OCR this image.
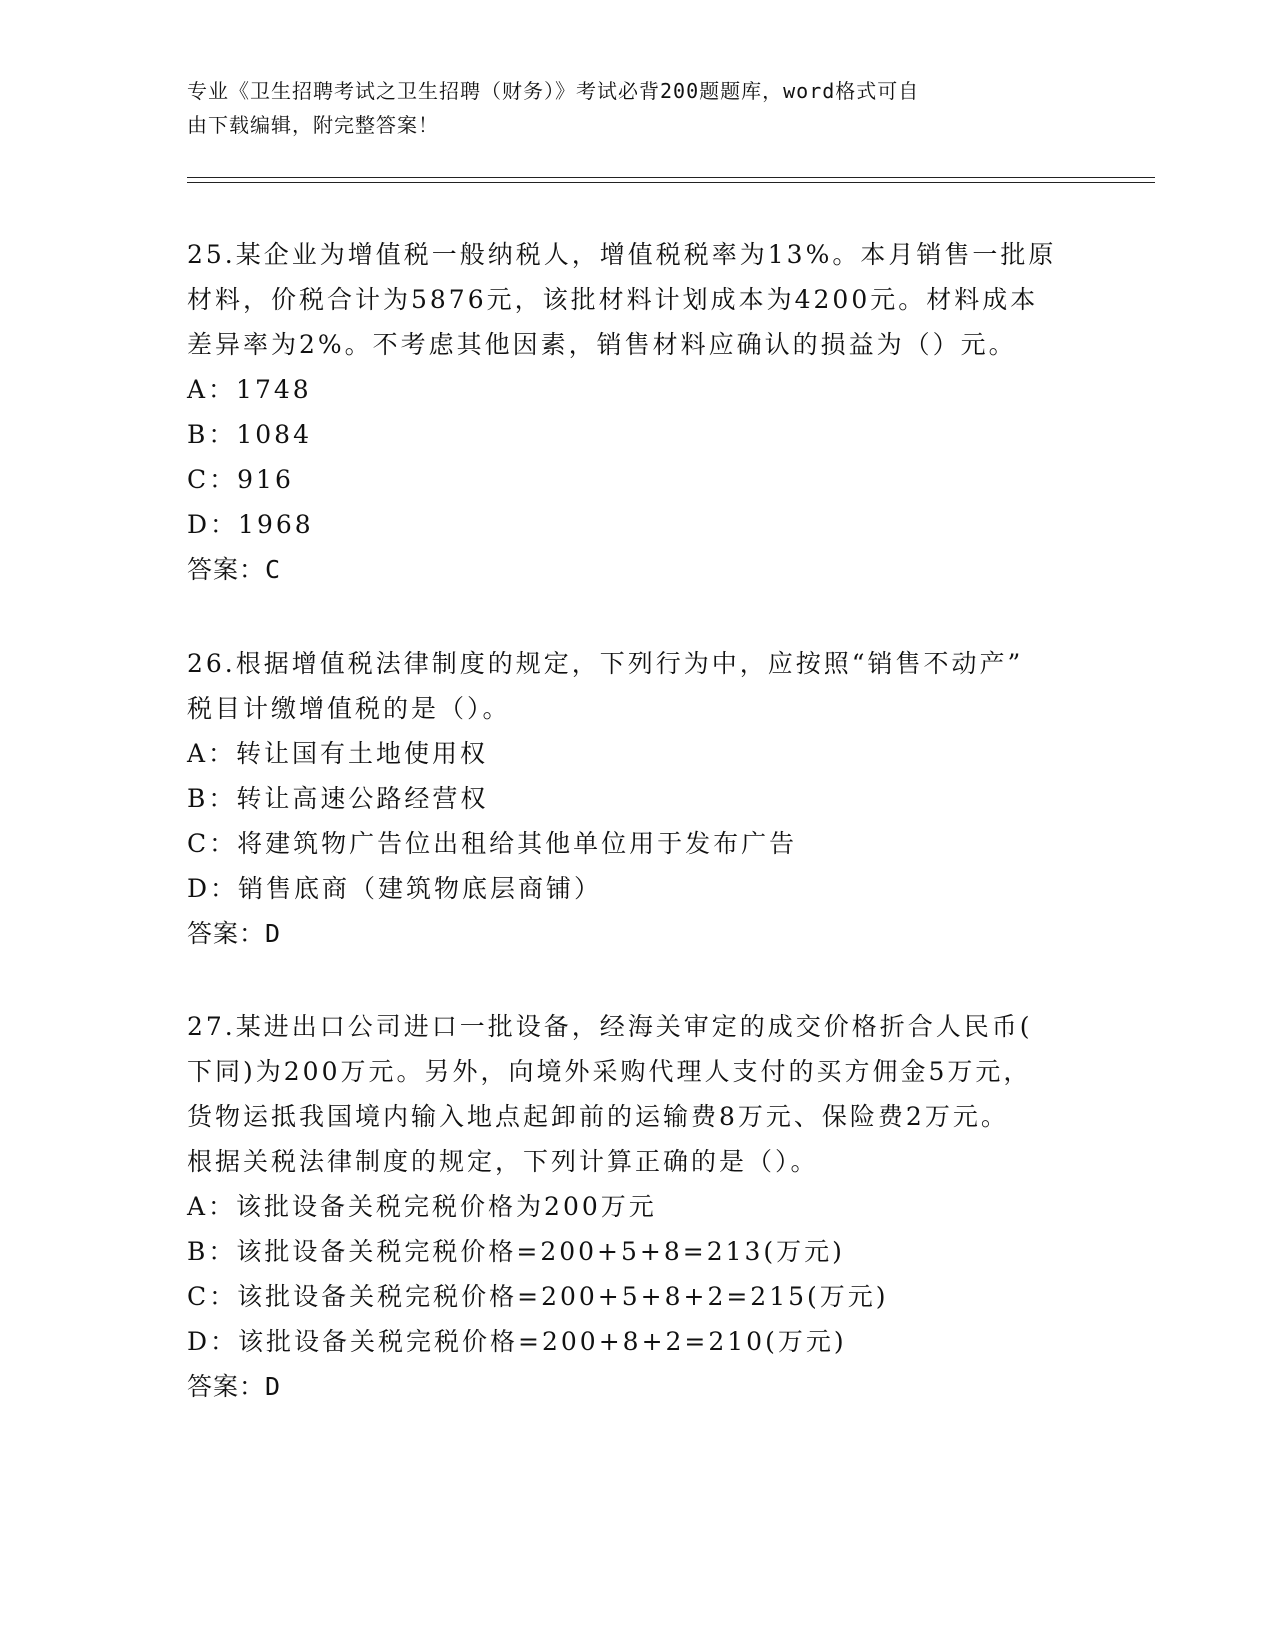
专业《卫生招聘考试之卫生招聘（财务）》考试必背200题题库，word格式可自
由下载编辑，附完整答案！
25.某企业为增值税一般纳税人，增值税税率为13%。本月销售一批原
材料，价税合计为5876元，该批材料计划成本为4200元。材料成本
差异率为2%。不考虑其他因素，销售材料应确认的损益为（）元。
A：1748
B：1084
C：916
D：1968
答案：C
26.根据增值税法律制度的规定，下列行为中，应按照“销售不动产”
税目计缴增值税的是（）。
A：转让国有土地使用权
B：转让高速公路经营权
C：将建筑物广告位出租给其他单位用于发布广告
D：销售底商（建筑物底层商铺）
答案：D
27.某进出口公司进口一批设备，经海关审定的成交价格折合人民币(
下同)为200万元。另外，向境外采购代理人支付的买方佣金5万元，
货物运抵我国境内输入地点起卸前的运输费8万元、保险费2万元。
根据关税法律制度的规定，下列计算正确的是（）。
A：该批设备关税完税价格为200万元
B：该批设备关税完税价格=200+5+8=213(万元)
C：该批设备关税完税价格=200+5+8+2=215(万元)
D：该批设备关税完税价格=200+8+2=210(万元)
答案：D
